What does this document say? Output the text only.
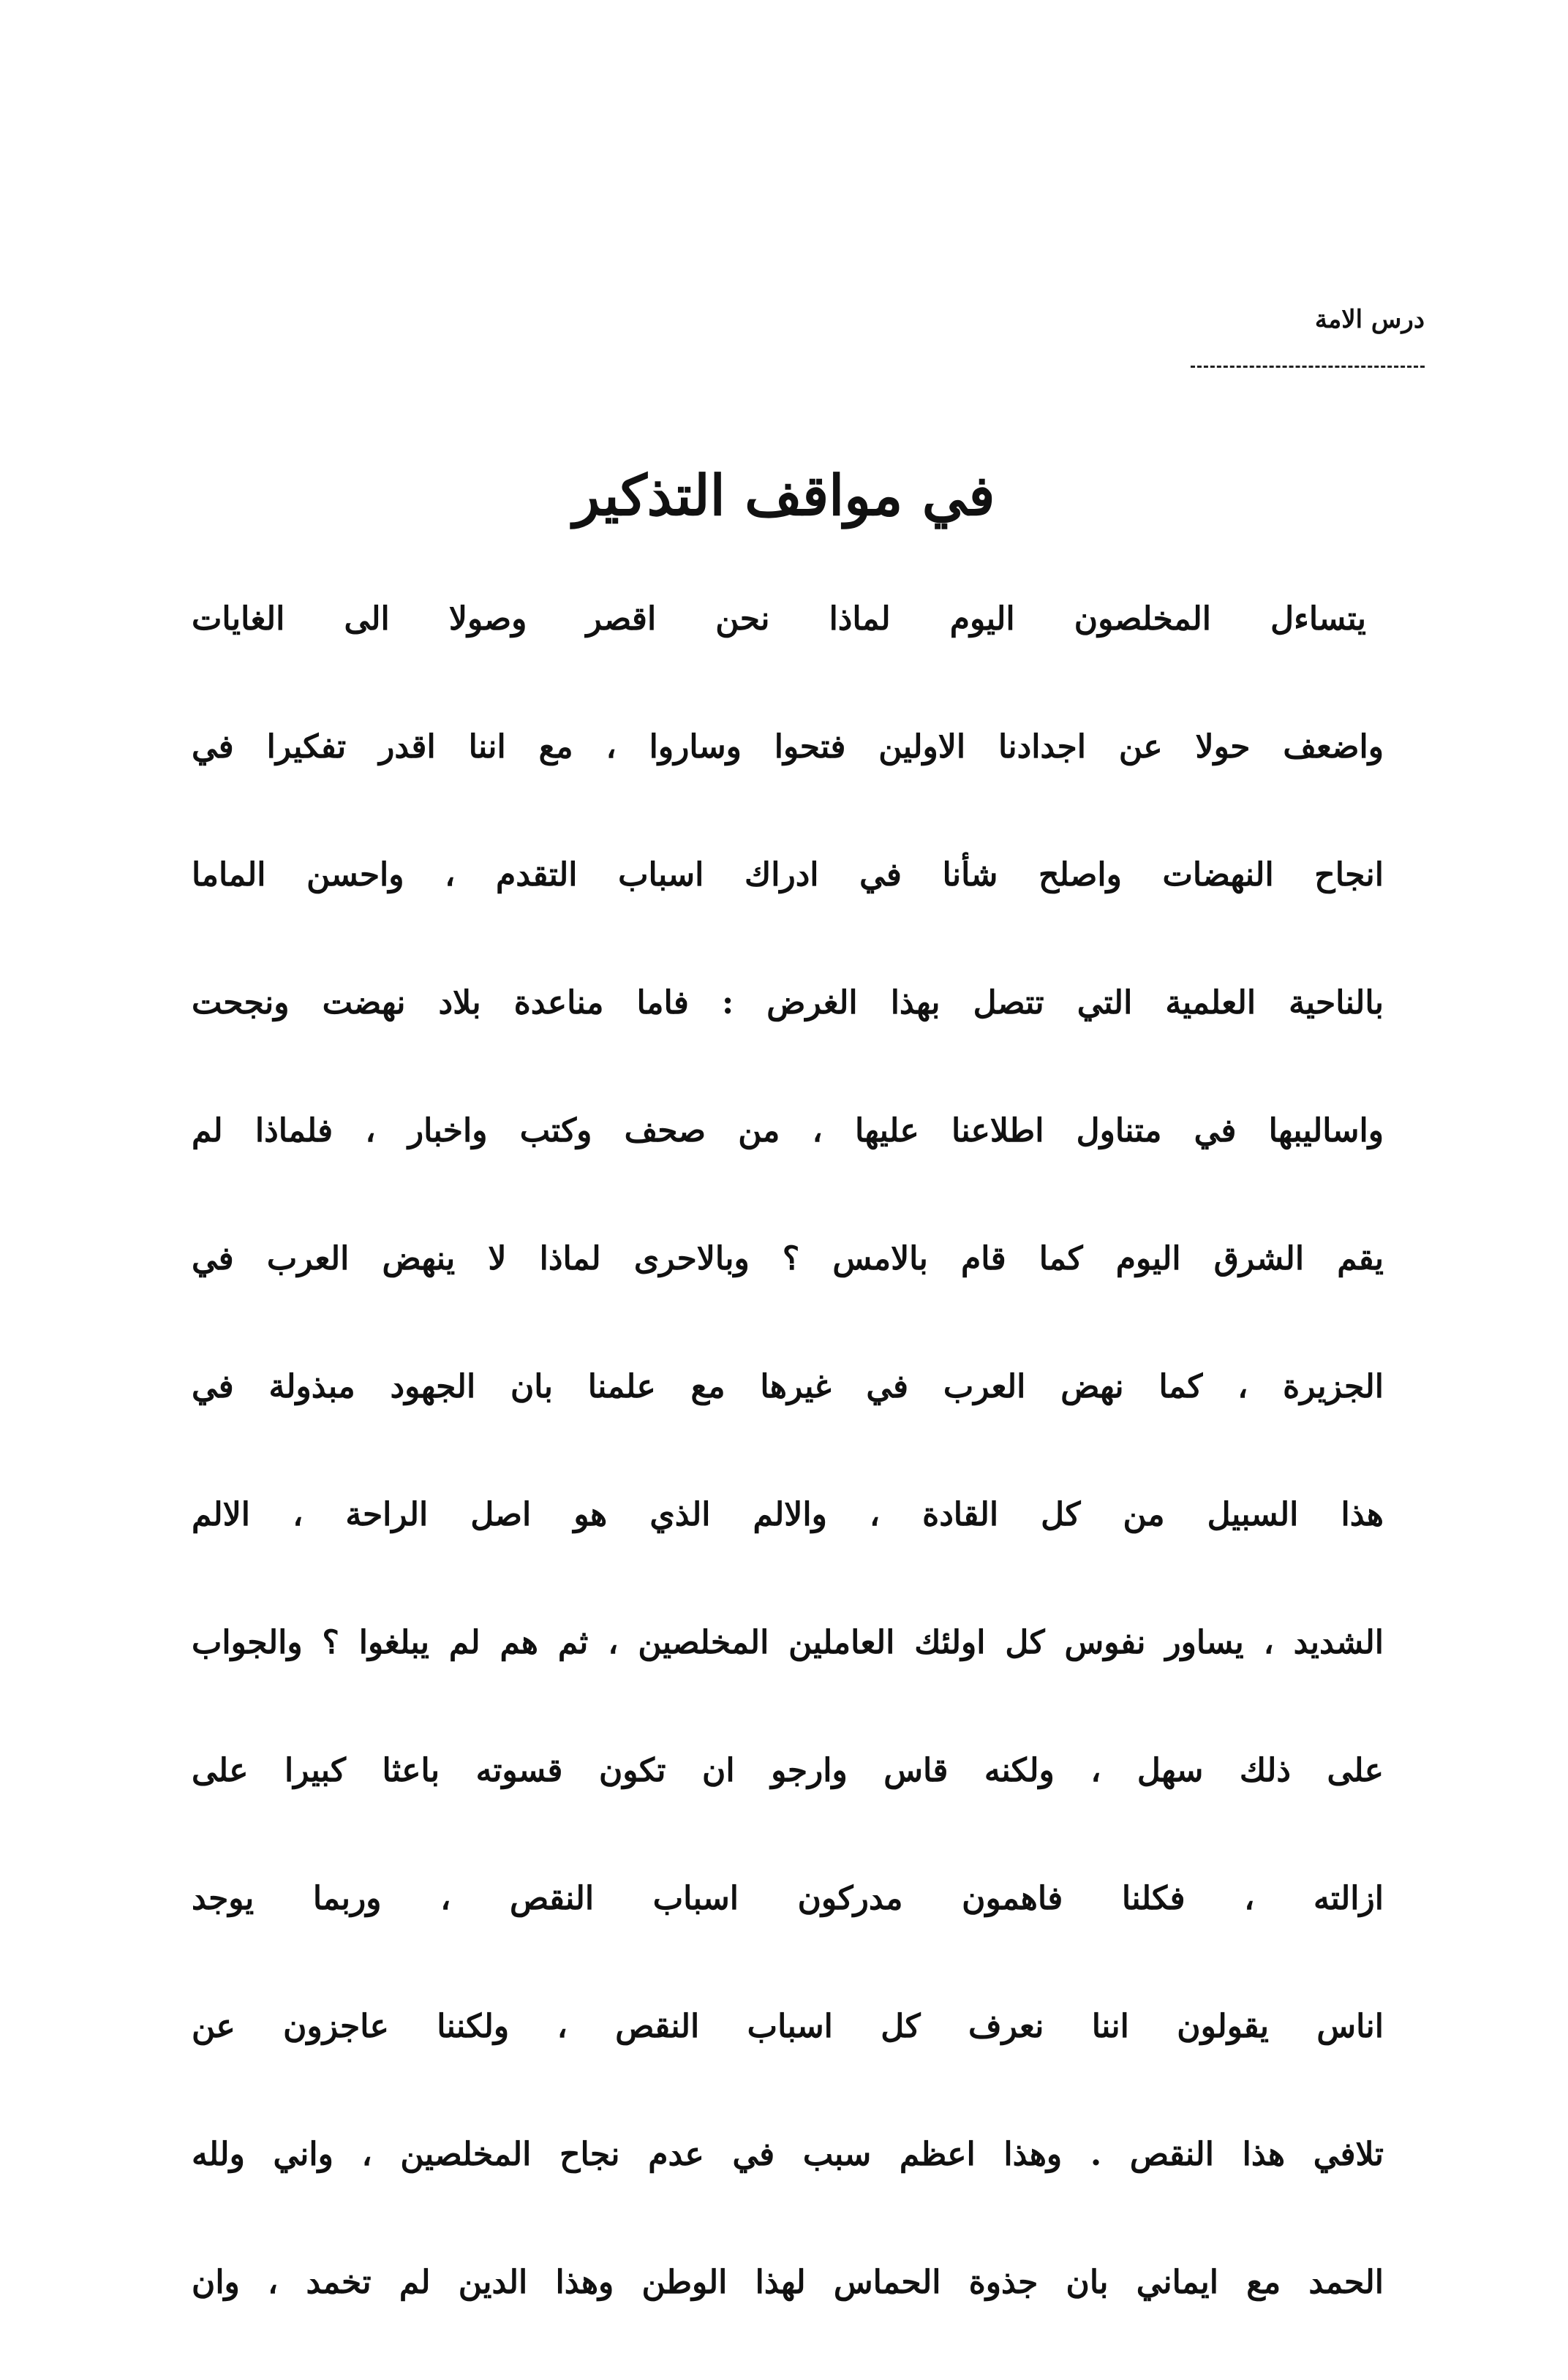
درس الامة
في مواقف التذكير
يتساءل المخلصون اليوم لماذا نحن اقصر وصولا الى الغايات
واضعف حولا عن اجدادنا الاولين فتحوا وساروا ، مع اننا اقدر تفكيرا في
انجاح النهضات واصلح شأنا في ادراك اسباب التقدم ، واحسن الماما
بالناحية العلمية التي تتصل بهذا الغرض : فاما مناعدة بلاد نهضت ونجحت
واساليبها في متناول اطلاعنا عليها ، من صحف وكتب واخبار ، فلماذا لم
يقم الشرق اليوم كما قام بالامس ؟ وبالاحرى لماذا لا ينهض العرب في
الجزيرة ، كما نهض العرب في غيرها مع علمنا بان الجهود مبذولة في
هذا السبيل من كل القادة ، والالم الذي هو اصل الراحة ، الالم
الشديد ، يساور نفوس كل اولئك العاملين المخلصين ، ثم هم لم يبلغوا ؟ والجواب
على ذلك سهل ، ولكنه قاس وارجو ان تكون قسوته باعثا كبيرا على
ازالته ، فكلنا فاهمون مدركون اسباب النقص ، وربما يوجد
اناس يقولون اننا نعرف كل اسباب النقص ، ولكننا عاجزون عن
تلافي هذا النقص . وهذا اعظم سبب في عدم نجاح المخلصين ، واني ولله
الحمد مع ايماني بان جذوة الحماس لهذا الوطن وهذا الدين لم تخمد ، وان
